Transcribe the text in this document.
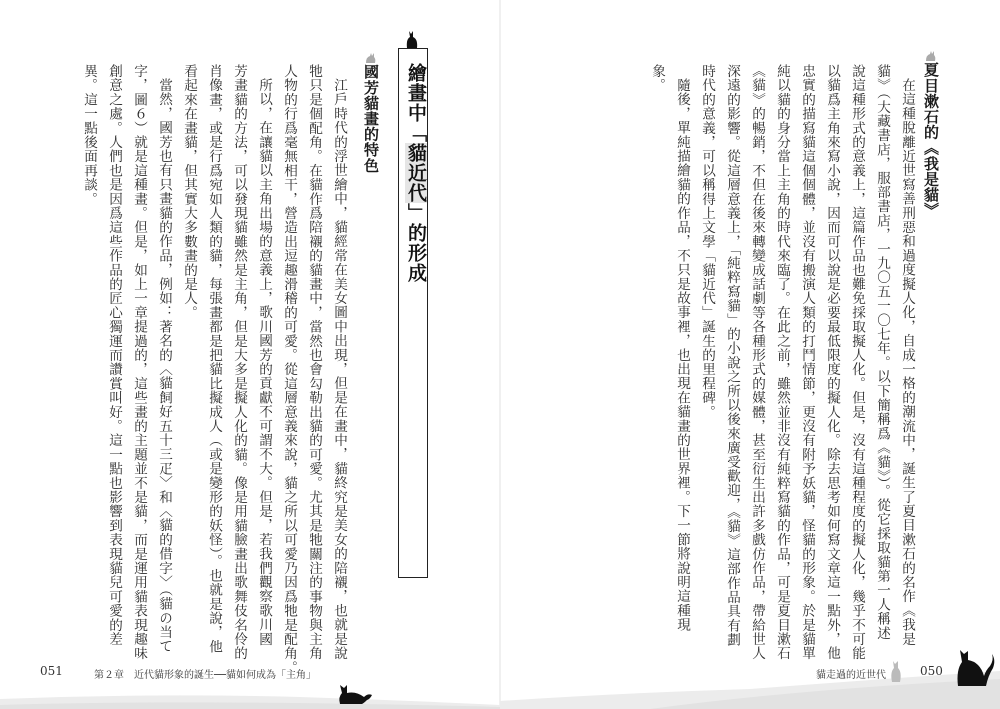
夏目漱石的《我是貓》
在這種脫離近世寫善刑惡和過度擬人化，自成一格的潮流中，誕生了夏目漱石的名作《我是
貓》（大藏書店，服部書店，一九〇五一〇七年。以下簡稱爲《貓》）。從它採取貓第一人稱述
說這種形式的意義上，這篇作品也難免採取擬人化。但是，沒有這種程度的擬人化，幾乎不可能
以貓爲主角來寫小說，因而可以說是必要最低限度的擬人化。除去思考如何寫文章這一點外，他
忠實的描寫貓這個個體，並沒有搬演人類的打鬥情節，更沒有附予妖貓，怪貓的形象。於是貓單
純以貓的身分當上主角的時代來臨了。在此之前，雖然並非沒有純粹寫貓的作品，可是夏目漱石
《貓》的暢銷，不但在後來轉變成話劇等各種形式的媒體，甚至衍生出許多戲仿作品，帶給世人
深遠的影響。從這層意義上，「純粹寫貓」的小說之所以後來廣受歡迎，《貓》這部作品具有劃
時代的意義，可以稱得上文學「貓近代」誕生的里程碑。
隨後，單純描繪貓的作品，不只是故事裡，也出現在貓畫的世界裡。下一節將說明這種現
象。
貓走過的近世代	050
繪畫中「貓近代」的形成
國芳貓畫的特色
江戶時代的浮世繪中，貓經常在美女圖中出現，但是在畫中，貓終究是美女的陪襯，也就是說
牠只是個配角。在貓作爲陪襯的貓畫中，當然也會勾勒出貓的可愛。尤其是牠關注的事物與主角
人物的行爲毫無相干，營造出逗趣滑稽的可愛。從這層意義來說，貓之所以可愛乃因爲牠是配角。
所以，在讓貓以主角出場的意義上，歌川國芳的貢獻不可謂不大。但是，若我們觀察歌川國
芳畫貓的方法，可以發現貓雖然是主角，但是大多是擬人化的貓。像是用貓臉畫出歌舞伎名伶的
肖像畫，或是行爲宛如人類的貓，每張畫都是把貓比擬成人（或是變形的妖怪）。也就是說，他
看起來在畫貓，但其實大多數畫的是人。
當然，國芳也有只畫貓的作品，例如：著名的〈貓飼好五十三疋〉和〈貓的借字〉（貓の当て
字，圖６）就是這種畫。但是，如上一章提過的，這些畫的主題並不是貓，而是運用貓表現趣味
創意之處。人們也是因爲這些作品的匠心獨運而讚賞叫好。這一點也影響到表現貓兒可愛的差
異。這一點後面再談。
051	第２章　近代貓形象的誕生──貓如何成為「主角」
